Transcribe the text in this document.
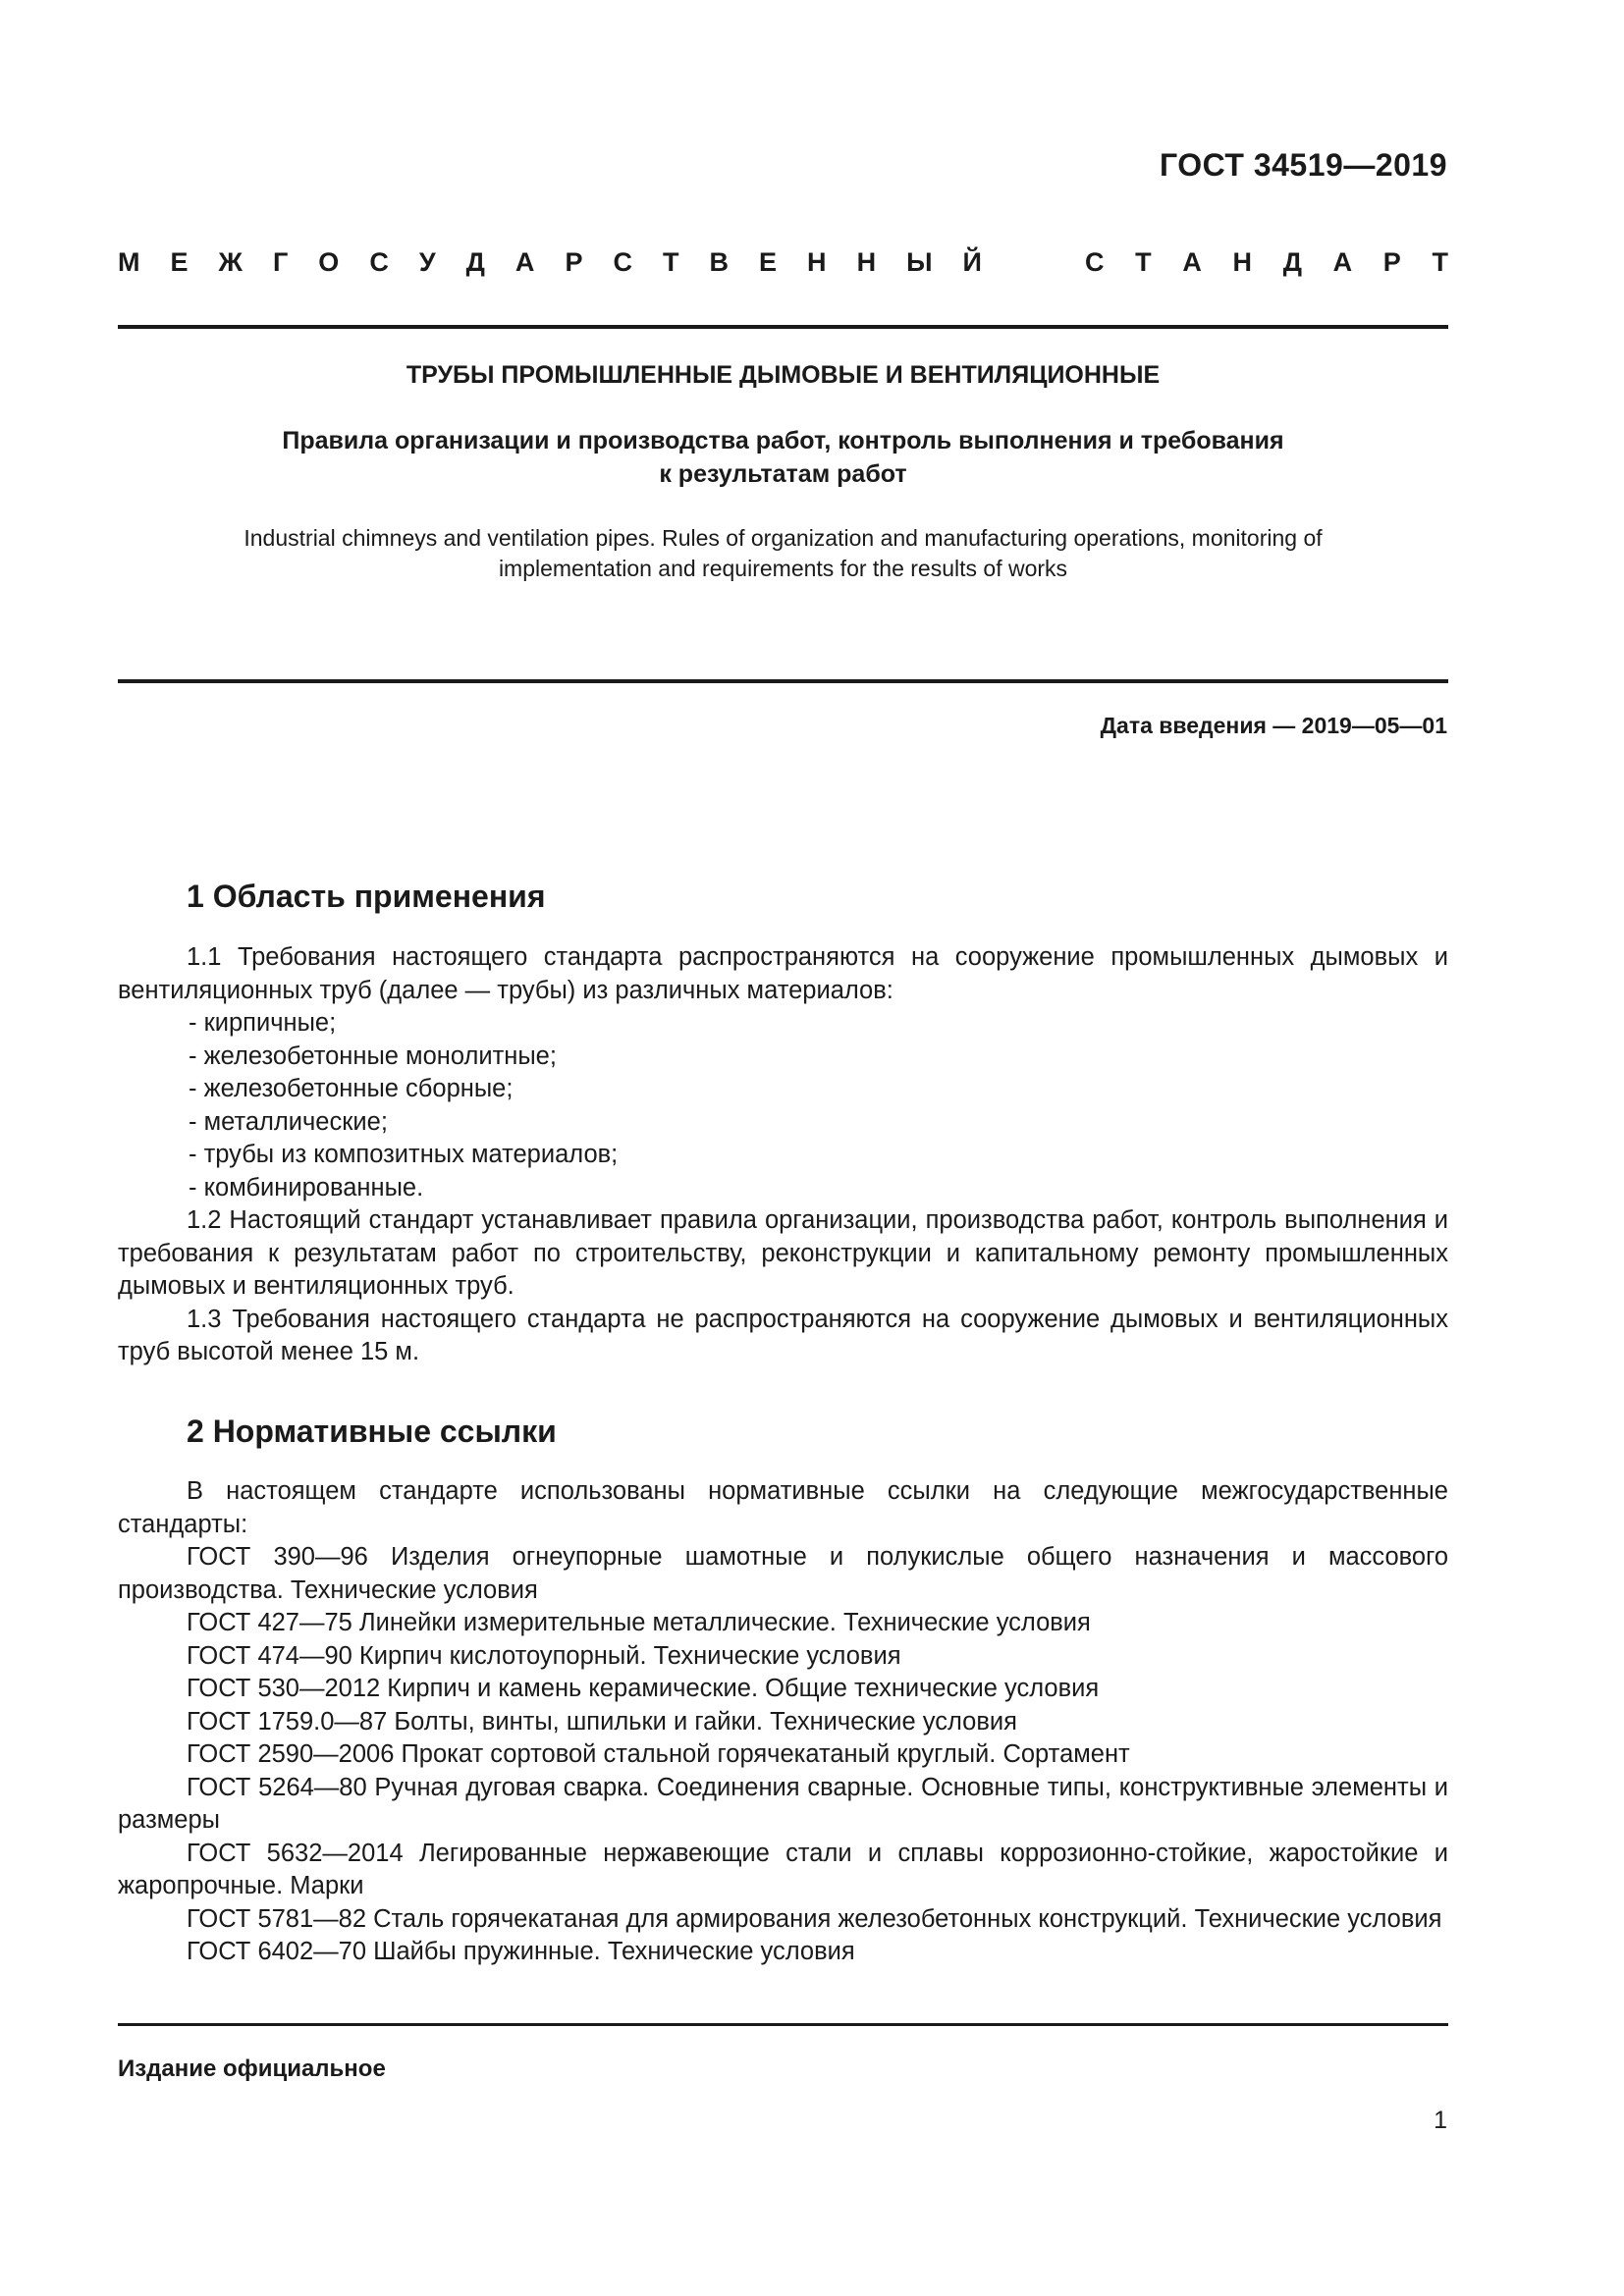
ГОСТ 34519—2019
М Е Ж Г О С У Д А Р С Т В Е Н Н Ы Й	С Т А Н Д А Р Т
ТРУБЫ ПРОМЫШЛЕННЫЕ ДЫМОВЫЕ И ВЕНТИЛЯЦИОННЫЕ
Правила организации и производства работ, контроль выполнения и требования
к результатам работ
Industrial chimneys and ventilation pipes. Rules of organization and manufacturing operations, monitoring of
implementation and requirements for the results of works
Дата введения — 2019—05—01
1 Область применения

1.1 Требования настоящего стандарта распространяются на сооружение промышленных дымовых и вентиляционных труб (далее — трубы) из различных материалов:

- кирпичные;

- железобетонные монолитные;

- железобетонные сборные;

- металлические;

- трубы из композитных материалов;

- комбинированные.

1.2 Настоящий стандарт устанавливает правила организации, производства работ, контроль выполнения и требования к результатам работ по строительству, реконструкции и капитальному ремонту промышленных дымовых и вентиляционных труб.

1.3 Требования настоящего стандарта не распространяются на сооружение дымовых и вентиляционных труб высотой менее 15 м.

2 Нормативные ссылки

В настоящем стандарте использованы нормативные ссылки на следующие межгосударственные стандарты:

ГОСТ 390—96 Изделия огнеупорные шамотные и полукислые общего назначения и массового производства. Технические условия

ГОСТ 427—75 Линейки измерительные металлические. Технические условия

ГОСТ 474—90 Кирпич кислотоупорный. Технические условия

ГОСТ 530—2012 Кирпич и камень керамические. Общие технические условия

ГОСТ 1759.0—87 Болты, винты, шпильки и гайки. Технические условия

ГОСТ 2590—2006 Прокат сортовой стальной горячекатаный круглый. Сортамент

ГОСТ 5264—80 Ручная дуговая сварка. Соединения сварные. Основные типы, конструктивные элементы и размеры

ГОСТ 5632—2014 Легированные нержавеющие стали и сплавы коррозионно-стойкие, жаростойкие и жаропрочные. Марки

ГОСТ 5781—82 Сталь горячекатаная для армирования железобетонных конструкций. Технические условия

ГОСТ 6402—70 Шайбы пружинные. Технические условия

Издание официальное
1
